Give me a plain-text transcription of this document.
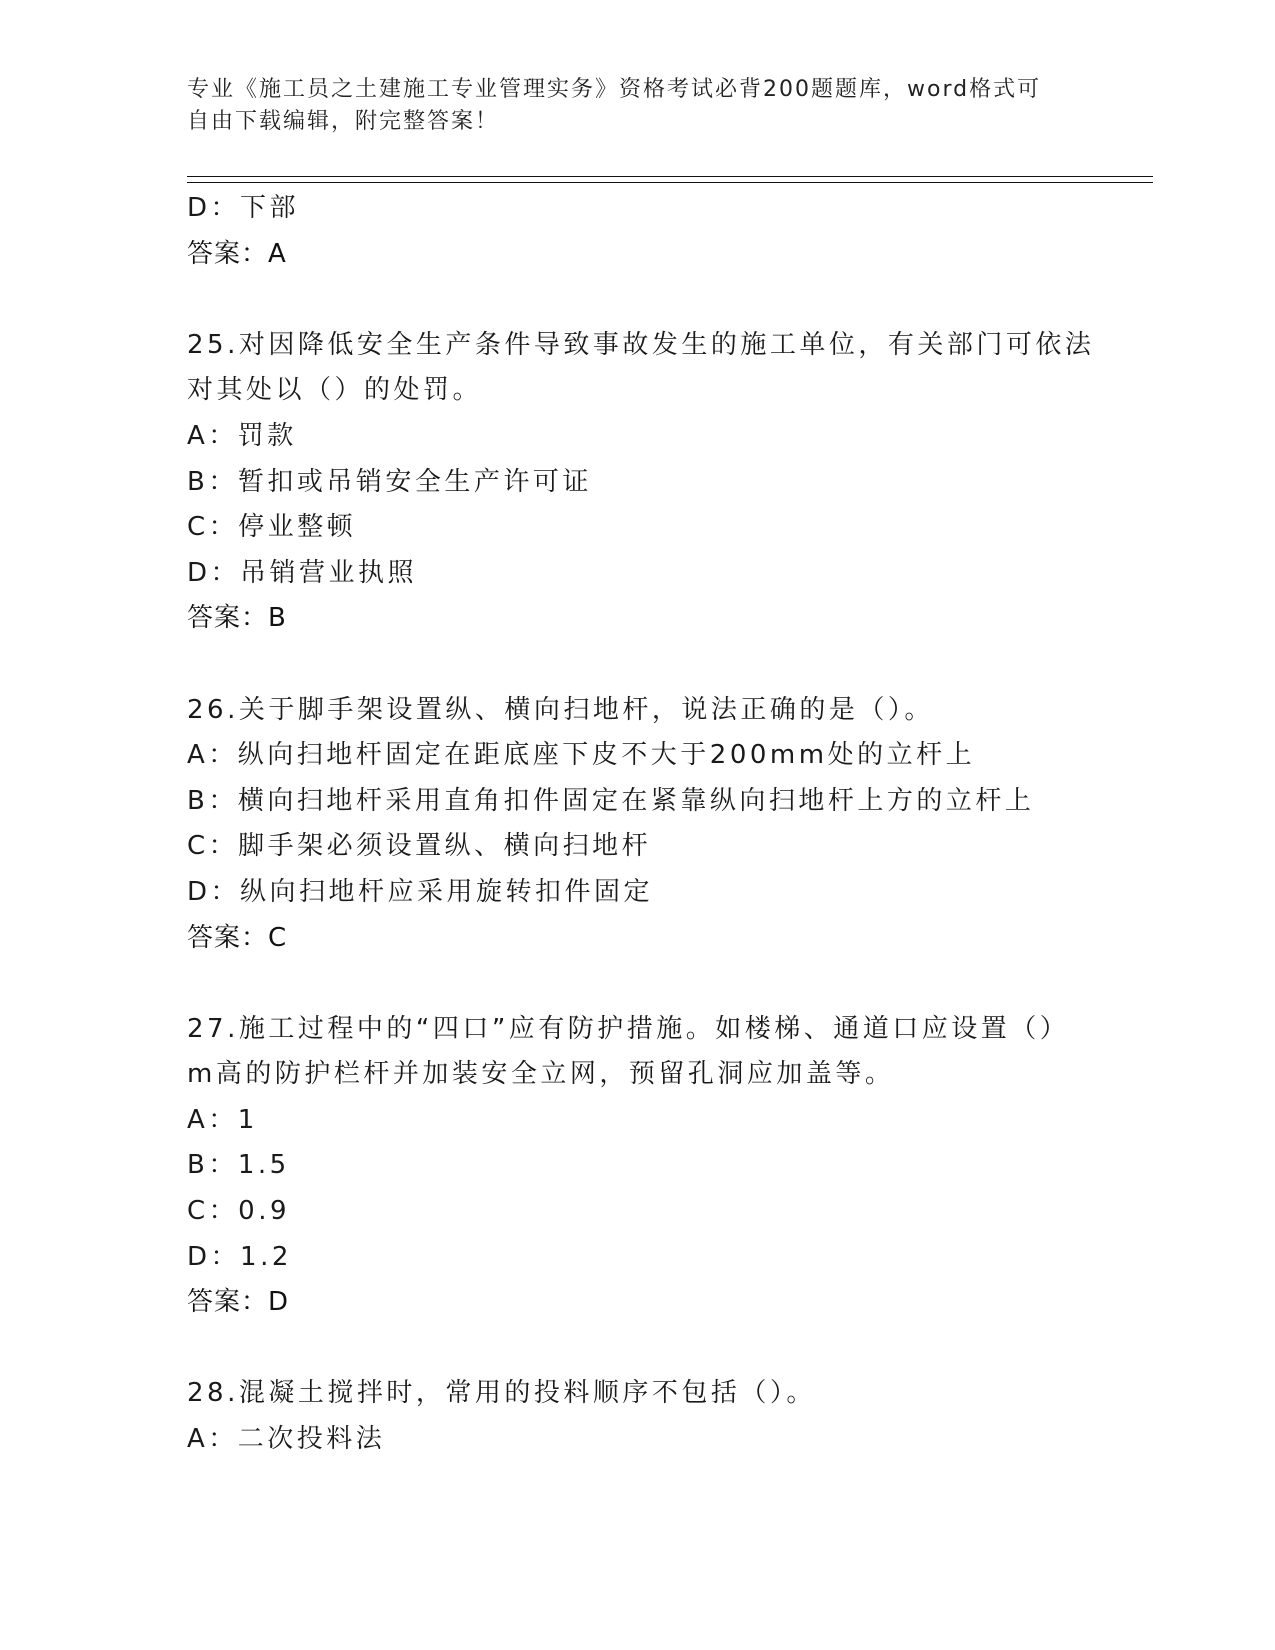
专业《施工员之土建施工专业管理实务》资格考试必背200题题库，word格式可
自由下载编辑，附完整答案！
D：下部
答案：A
25.对因降低安全生产条件导致事故发生的施工单位，有关部门可依法
对其处以（）的处罚。
A：罚款
B：暂扣或吊销安全生产许可证
C：停业整顿
D：吊销营业执照
答案：B
26.关于脚手架设置纵、横向扫地杆，说法正确的是（）。
A：纵向扫地杆固定在距底座下皮不大于200mm处的立杆上
B：横向扫地杆采用直角扣件固定在紧靠纵向扫地杆上方的立杆上
C：脚手架必须设置纵、横向扫地杆
D：纵向扫地杆应采用旋转扣件固定
答案：C
27.施工过程中的“四口”应有防护措施。如楼梯、通道口应设置（）
m高的防护栏杆并加装安全立网，预留孔洞应加盖等。
A：1
B：1.5
C：0.9
D：1.2
答案：D
28.混凝土搅拌时，常用的投料顺序不包括（）。
A：二次投料法
